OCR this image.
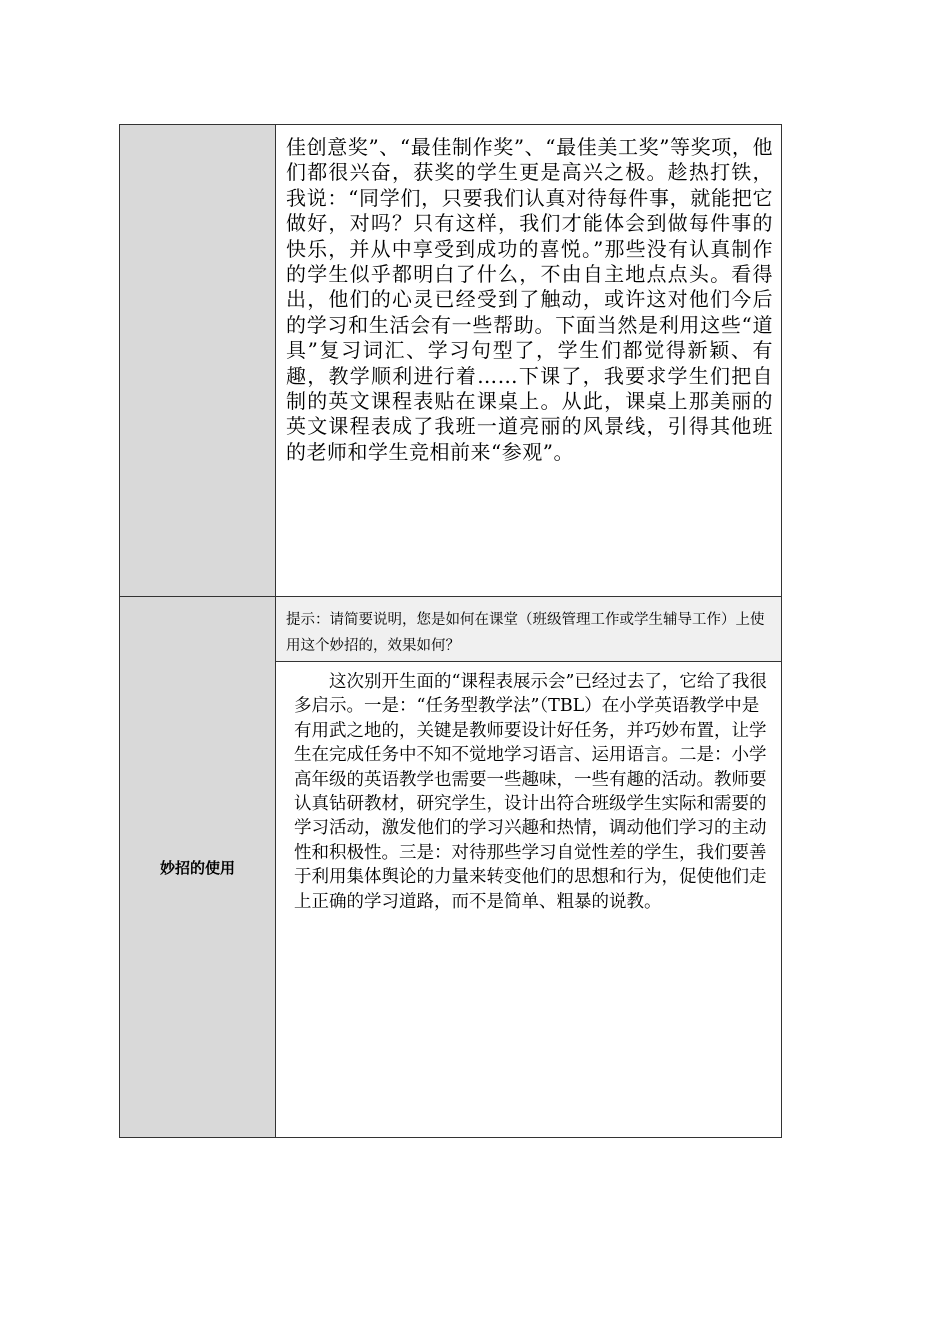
佳创意奖”、“最佳制作奖”、“最佳美工奖”等奖项，他们都很兴奋，获奖的学生更是高兴之极。趁热打铁，我说：“同学们，只要我们认真对待每件事，就能把它做好，对吗？只有这样，我们才能体会到做每件事的快乐，并从中享受到成功的喜悦。”那些没有认真制作的学生似乎都明白了什么，不由自主地点点头。看得出，他们的心灵已经受到了触动，或许这对他们今后的学习和生活会有一些帮助。下面当然是利用这些“道具”复习词汇、学习句型了，学生们都觉得新颖、有趣，教学顺利进行着……下课了，我要求学生们把自制的英文课程表贴在课桌上。从此，课桌上那美丽的英文课程表成了我班一道亮丽的风景线，引得其他班的老师和学生竞相前来“参观”。

妙招的使用

提示：请简要说明，您是如何在课堂（班级管理工作或学生辅导工作）上使用这个妙招的，效果如何？

这次别开生面的“课程表展示会”已经过去了，它给了我很多启示。一是：“任务型教学法”（TBL）在小学英语教学中是有用武之地的，关键是教师要设计好任务，并巧妙布置，让学生在完成任务中不知不觉地学习语言、运用语言。二是：小学高年级的英语教学也需要一些趣味，一些有趣的活动。教师要认真钻研教材，研究学生，设计出符合班级学生实际和需要的学习活动，激发他们的学习兴趣和热情，调动他们学习的主动性和积极性。三是：对待那些学习自觉性差的学生，我们要善于利用集体舆论的力量来转变他们的思想和行为，促使他们走上正确的学习道路，而不是简单、粗暴的说教。
